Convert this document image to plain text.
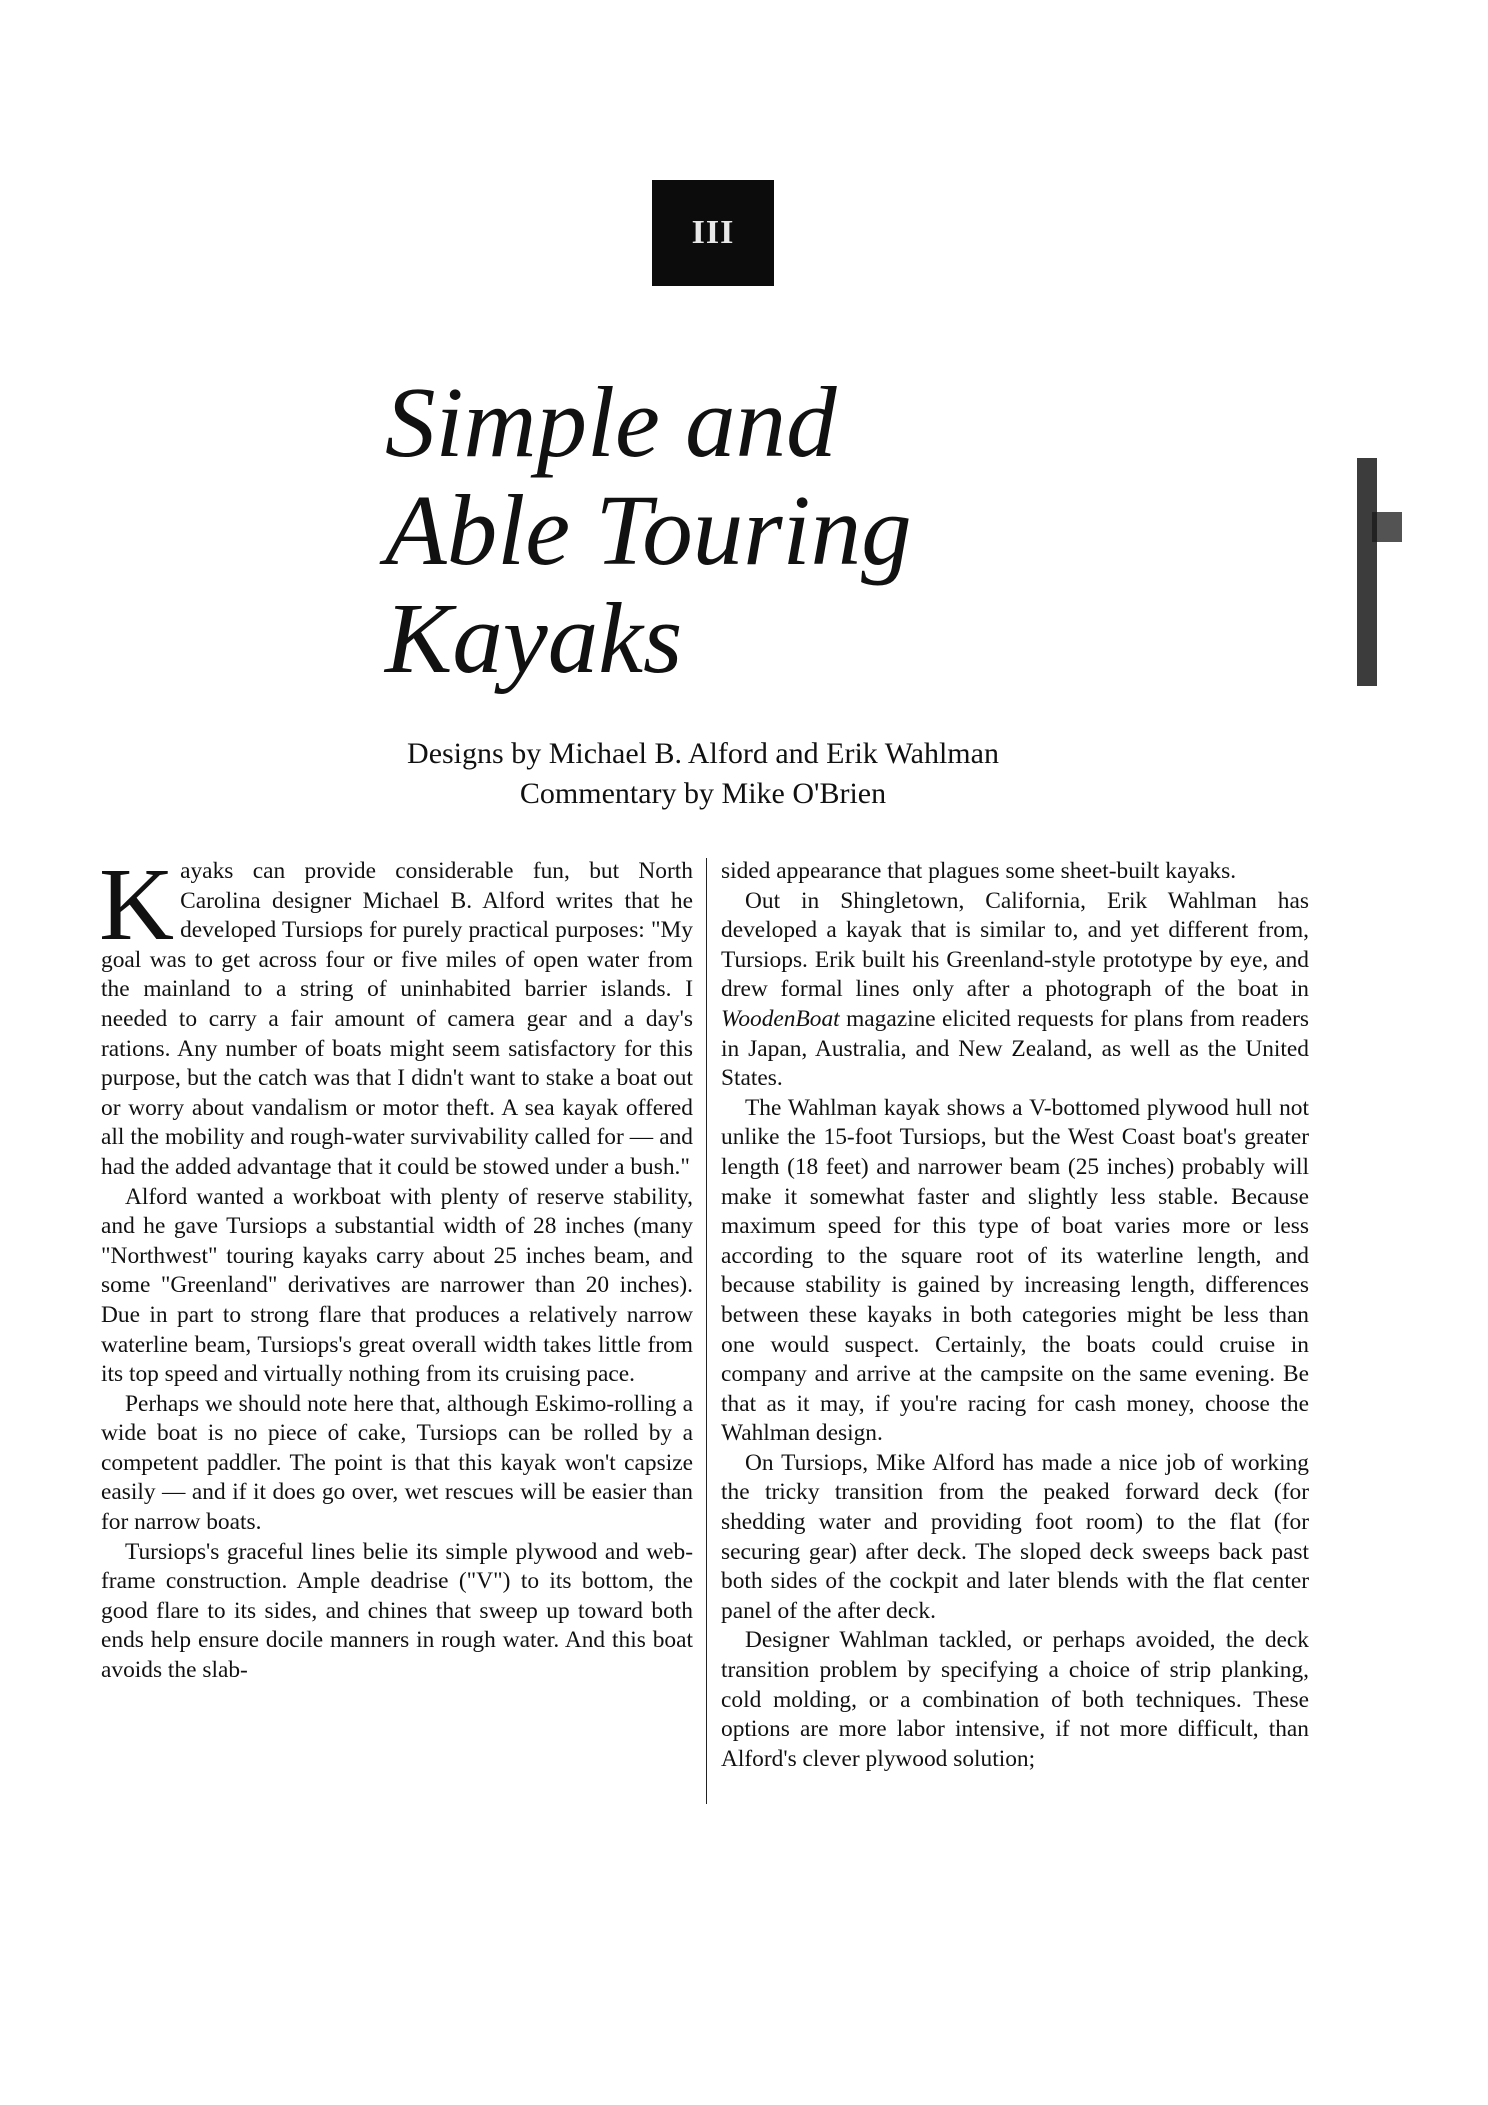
III
Simple and
Able Touring
Kayaks
Designs by Michael B. Alford and Erik Wahlman
Commentary by Mike O'Brien

Kayaks can provide considerable fun, but North Carolina designer Michael B. Alford writes that he developed Tursiops for purely practical purposes: "My goal was to get across four or five miles of open water from the mainland to a string of uninhabited barrier islands. I needed to carry a fair amount of camera gear and a day's rations. Any number of boats might seem satisfactory for this purpose, but the catch was that I didn't want to stake a boat out or worry about vandalism or motor theft. A sea kayak offered all the mobility and rough-water survivability called for — and had the added advantage that it could be stowed under a bush."

Alford wanted a workboat with plenty of reserve stability, and he gave Tursiops a substantial width of 28 inches (many "Northwest" touring kayaks carry about 25 inches beam, and some "Greenland" derivatives are narrower than 20 inches). Due in part to strong flare that produces a relatively narrow waterline beam, Tursiops's great overall width takes little from its top speed and virtually nothing from its cruising pace.

Perhaps we should note here that, although Eskimo-rolling a wide boat is no piece of cake, Tursiops can be rolled by a competent paddler. The point is that this kayak won't capsize easily — and if it does go over, wet rescues will be easier than for narrow boats.

Tursiops's graceful lines belie its simple plywood and web-frame construction. Ample deadrise ("V") to its bottom, the good flare to its sides, and chines that sweep up toward both ends help ensure docile manners in rough water. And this boat avoids the slab-

sided appearance that plagues some sheet-built kayaks.

Out in Shingletown, California, Erik Wahlman has developed a kayak that is similar to, and yet different from, Tursiops. Erik built his Greenland-style prototype by eye, and drew formal lines only after a photograph of the boat in WoodenBoat magazine elicited requests for plans from readers in Japan, Australia, and New Zealand, as well as the United States.

The Wahlman kayak shows a V-bottomed plywood hull not unlike the 15-foot Tursiops, but the West Coast boat's greater length (18 feet) and narrower beam (25 inches) probably will make it somewhat faster and slightly less stable. Because maximum speed for this type of boat varies more or less according to the square root of its waterline length, and because stability is gained by increasing length, differences between these kayaks in both categories might be less than one would suspect. Certainly, the boats could cruise in company and arrive at the campsite on the same evening. Be that as it may, if you're racing for cash money, choose the Wahlman design.

On Tursiops, Mike Alford has made a nice job of working the tricky transition from the peaked forward deck (for shedding water and providing foot room) to the flat (for securing gear) after deck. The sloped deck sweeps back past both sides of the cockpit and later blends with the flat center panel of the after deck.

Designer Wahlman tackled, or perhaps avoided, the deck transition problem by specifying a choice of strip planking, cold molding, or a combination of both techniques. These options are more labor intensive, if not more difficult, than Alford's clever plywood solution;
